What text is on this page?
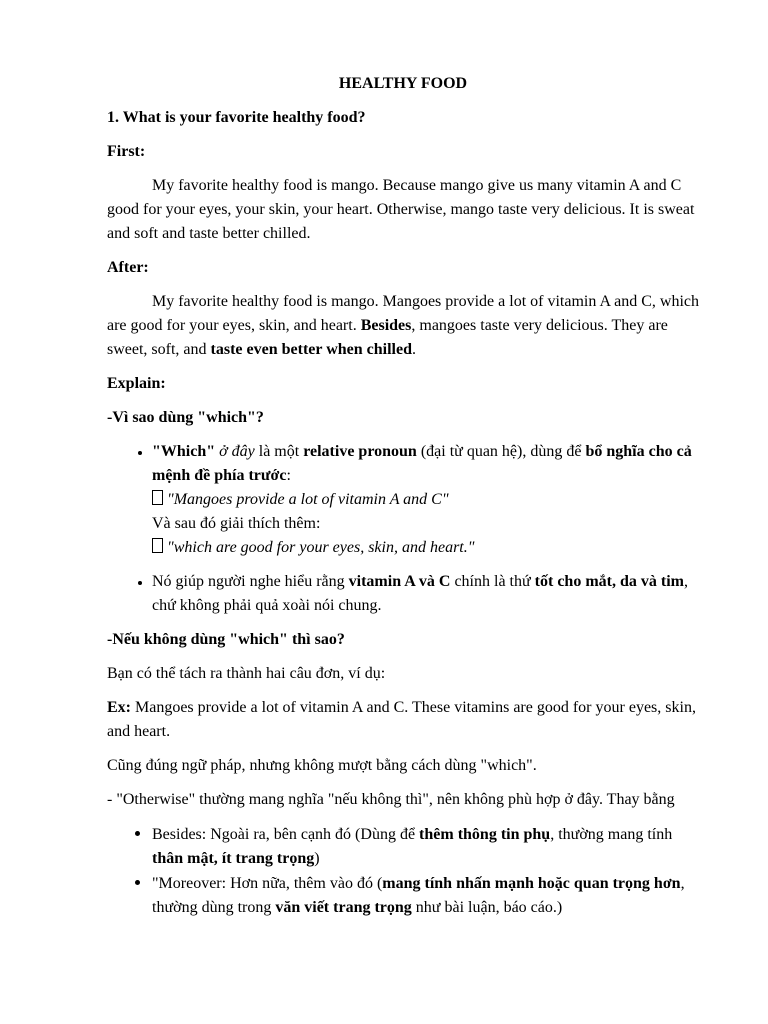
HEALTHY FOOD
1. What is your favorite healthy food?
First:
My favorite healthy food is mango. Because mango give us many vitamin A and C good for your eyes, your skin, your heart. Otherwise, mango taste very delicious. It is sweat and soft and taste better chilled.
After:
My favorite healthy food is mango. Mangoes provide a lot of vitamin A and C, which are good for your eyes, skin, and heart. Besides, mangoes taste very delicious. They are sweet, soft, and taste even better when chilled.
Explain:
-Vì sao dùng "which"?
• "Which" ở đây là một relative pronoun (đại từ quan hệ), dùng để bổ nghĩa cho cả mệnh đề phía trước:
"Mangoes provide a lot of vitamin A and C"
Và sau đó giải thích thêm:
"which are good for your eyes, skin, and heart."
• Nó giúp người nghe hiểu rằng vitamin A và C chính là thứ tốt cho mắt, da và tim, chứ không phải quả xoài nói chung.
-Nếu không dùng "which" thì sao?
Bạn có thể tách ra thành hai câu đơn, ví dụ:
Ex: Mangoes provide a lot of vitamin A and C. These vitamins are good for your eyes, skin, and heart.
Cũng đúng ngữ pháp, nhưng không mượt bằng cách dùng "which".
- "Otherwise" thường mang nghĩa "nếu không thì", nên không phù hợp ở đây. Thay bằng
• Besides: Ngoài ra, bên cạnh đó (Dùng để thêm thông tin phụ, thường mang tính thân mật, ít trang trọng)
• "Moreover: Hơn nữa, thêm vào đó (mang tính nhấn mạnh hoặc quan trọng hơn, thường dùng trong văn viết trang trọng như bài luận, báo cáo.)
